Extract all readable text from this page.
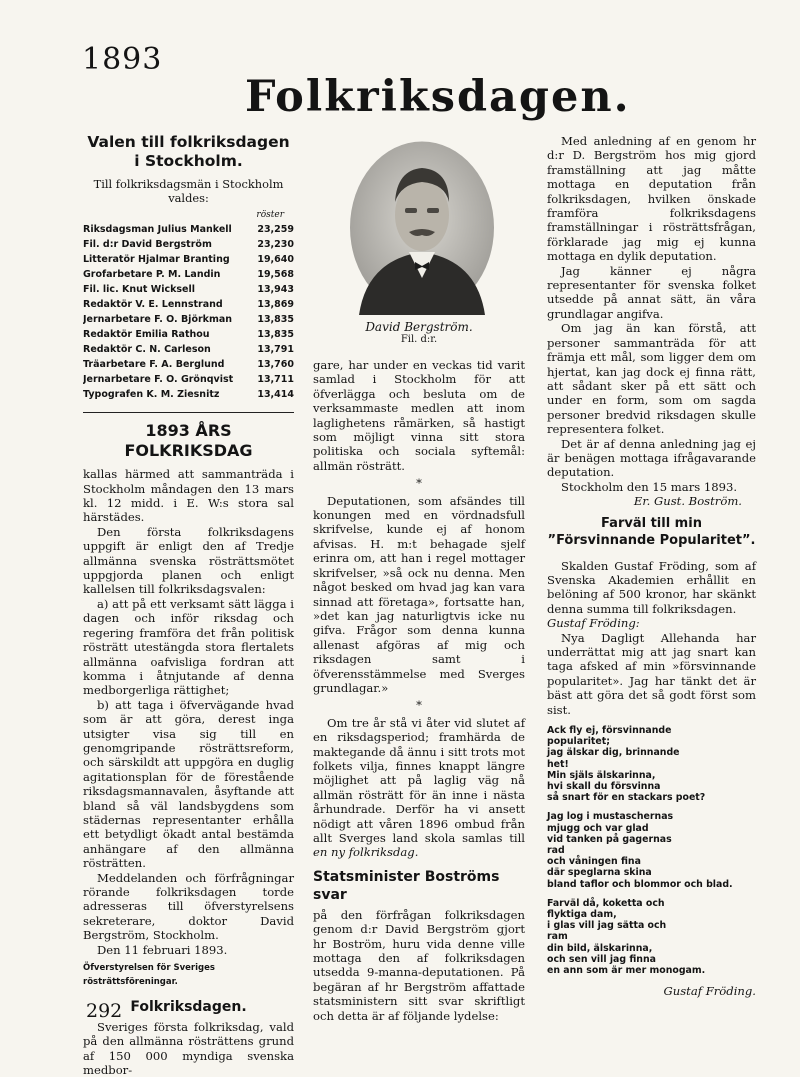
1893
Folkriksdagen.
Valen till folkriksdagen i Stockholm.
Till folkriksdagsmän i Stockholm valdes:
röster
Riksdagsman Julius Mankell	23,259
Fil. d:r David Bergström	23,230
Litteratör Hjalmar Branting	19,640
Grofarbetare P. M. Landin	19,568
Fil. lic. Knut Wicksell	13,943
Redaktör V. E. Lennstrand	13,869
Jernarbetare F. O. Björkman	13,835
Redaktör Emilia Rathou	13,835
Redaktör C. N. Carleson	13,791
Träarbetare F. A. Berglund	13,760
Jernarbetare F. O. Grönqvist	13,711
Typografen K. M. Ziesnitz	13,414
1893 ÅRS FOLKRIKSDAG

kallas härmed att sammanträda i Stockholm måndagen den 13 mars kl. 12 midd. i E. W:s stora sal härstädes.

Den första folkriksdagens uppgift är enligt den af Tredje allmänna svenska rösträttsmötet uppgjorda planen och enligt kallelsen till folkriksdagsvalen:

a) att på ett verksamt sätt lägga i dagen och inför riksdag och regering framföra det från politisk rösträtt utestängda stora flertalets allmänna oafvisliga fordran att komma i åtnjutande af denna medborgerliga rättighet;

b) att taga i öfvervägande hvad som är att göra, derest inga utsigter visa sig till en genomgripande rösträttsreform, och särskildt att uppgöra en duglig agitationsplan för de förestående riksdagsmannavalen, åsyftande att bland så väl landsbygdens som städernas representanter erhålla ett betydligt ökadt antal bestämda anhängare af den allmänna rösträtten.

Meddelanden och förfrågningar rörande folkriksdagen torde adresseras till öfverstyrelsens sekreterare, doktor David Bergström, Stockholm.

Den 11 februari 1893.

Öfverstyrelsen för Sveriges rösträttsföreningar.
Folkriksdagen.

Sveriges första folkriksdag, vald på den allmänna rösträttens grund af 150 000 myndiga svenska medbor-

David Bergström.
Fil. d:r.

gare, har under en veckas tid varit samlad i Stockholm för att öfverlägga och besluta om de verksammaste medlen att inom laglighetens råmärken, så hastigt som möjligt vinna sitt stora politiska och sociala syftemål: allmän rösträtt.

*

Deputationen, som afsändes till konungen med en vördnadsfull skrifvelse, kunde ej af honom afvisas. H. m:t behagade sjelf erinra om, att han i regel mottager skrifvelser, »så ock nu denna. Men något besked om hvad jag kan vara sinnad att företaga», fortsatte han, »det kan jag naturligtvis icke nu gifva. Frågor som denna kunna allenast afgöras af mig och riksdagen samt i öfverensstämmelse med Sverges grundlagar.»

*

Om tre år stå vi åter vid slutet af en riksdagsperiod; framhärda de maktegande då ännu i sitt trots mot folkets vilja, finnes knappt längre möjlighet att på laglig väg nå allmän rösträtt för än inne i nästa århundrade. Derför ha vi ansett nödigt att våren 1896 ombud från allt Sverges land skola samlas till en ny folkriksdag.

Statsminister Boströms svar

på den förfrågan folkriksdagen genom d:r David Bergström gjort hr Boström, huru vida denne ville mottaga den af folkriksdagen utsedda 9-manna-deputationen. På begäran af hr Bergström affattade statsministern sitt svar skriftligt och detta är af följande lydelse:

Med anledning af en genom hr d:r D. Bergström hos mig gjord framställning att jag måtte mottaga en deputation från folkriksdagen, hvilken önskade framföra folkriksdagens framställningar i rösträttsfrågan, förklarade jag mig ej kunna mottaga en dylik deputation.

Jag känner ej några representanter för svenska folket utsedde på annat sätt, än våra grundlagar angifva.

Om jag än kan förstå, att personer sammanträda för att främja ett mål, som ligger dem om hjertat, kan jag dock ej finna rätt, att sådant sker på ett sätt och under en form, som om sagda personer bredvid riksdagen skulle representera folket.

Det är af denna anledning jag ej är benägen mottaga ifrågavarande deputation.

Stockholm den 15 mars 1893.

Er. Gust. Boström.
Farväl till min ”Försvinnande Popularitet”.

Skalden Gustaf Fröding, som af Svenska Akademien erhållit en belöning af 500 kronor, har skänkt denna summa till folkriksdagen.

Gustaf Fröding:

Nya Dagligt Allehanda har underrättat mig att jag snart kan taga afsked af min »försvinnande popularitet». Jag har tänkt det är bäst att göra det så godt först som sist.

Ack fly ej, försvinnande
popularitet;
jag älskar dig, brinnande
het!
Min själs älskarinna,
hvi skall du försvinna
så snart för en stackars poet?
Jag log i mustaschernas
mjugg och var glad
vid tanken på gagernas
rad
och våningen fina
där speglarna skina
bland taflor och blommor och blad.
Farväl då, koketta och
flyktiga dam,
i glas vill jag sätta och
ram
din bild, älskarinna,
och sen vill jag finna
en ann som är mer monogam.
Gustaf Fröding.
292
